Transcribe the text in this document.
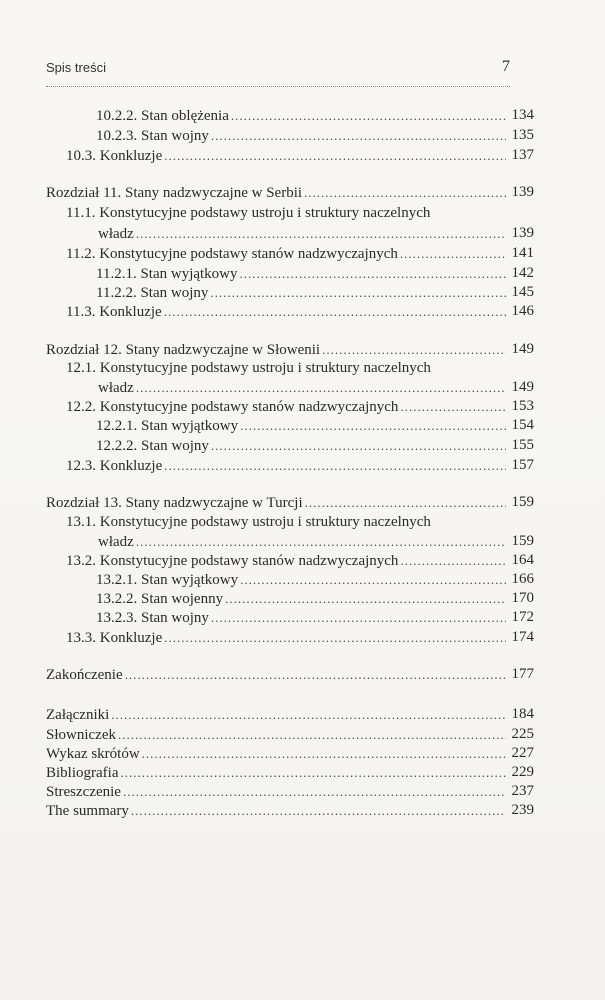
Spis treści	7
10.2.2. Stan oblężenia .....	134
10.2.3. Stan wojny .....	135
10.3. Konkluzje .....	137
Rozdział 11. Stany nadzwyczajne w Serbii .....	139
11.1. Konstytucyjne podstawy ustroju i struktury naczelnych
władz .....	139
11.2. Konstytucyjne podstawy stanów nadzwyczajnych .....	141
11.2.1. Stan wyjątkowy .....	142
11.2.2. Stan wojny .....	145
11.3. Konkluzje .....	146
Rozdział 12. Stany nadzwyczajne w Słowenii .....	149
12.1. Konstytucyjne podstawy ustroju i struktury naczelnych
władz .....	149
12.2. Konstytucyjne podstawy stanów nadzwyczajnych .....	153
12.2.1. Stan wyjątkowy .....	154
12.2.2. Stan wojny .....	155
12.3. Konkluzje .....	157
Rozdział 13. Stany nadzwyczajne w Turcji .....	159
13.1. Konstytucyjne podstawy ustroju i struktury naczelnych
władz .....	159
13.2. Konstytucyjne podstawy stanów nadzwyczajnych .....	164
13.2.1. Stan wyjątkowy .....	166
13.2.2. Stan wojenny .....	170
13.2.3. Stan wojny .....	172
13.3. Konkluzje .....	174
Zakończenie .....	177
Załączniki .....	184
Słowniczek .....	225
Wykaz skrótów .....	227
Bibliografia .....	229
Streszczenie .....	237
The summary .....	239
